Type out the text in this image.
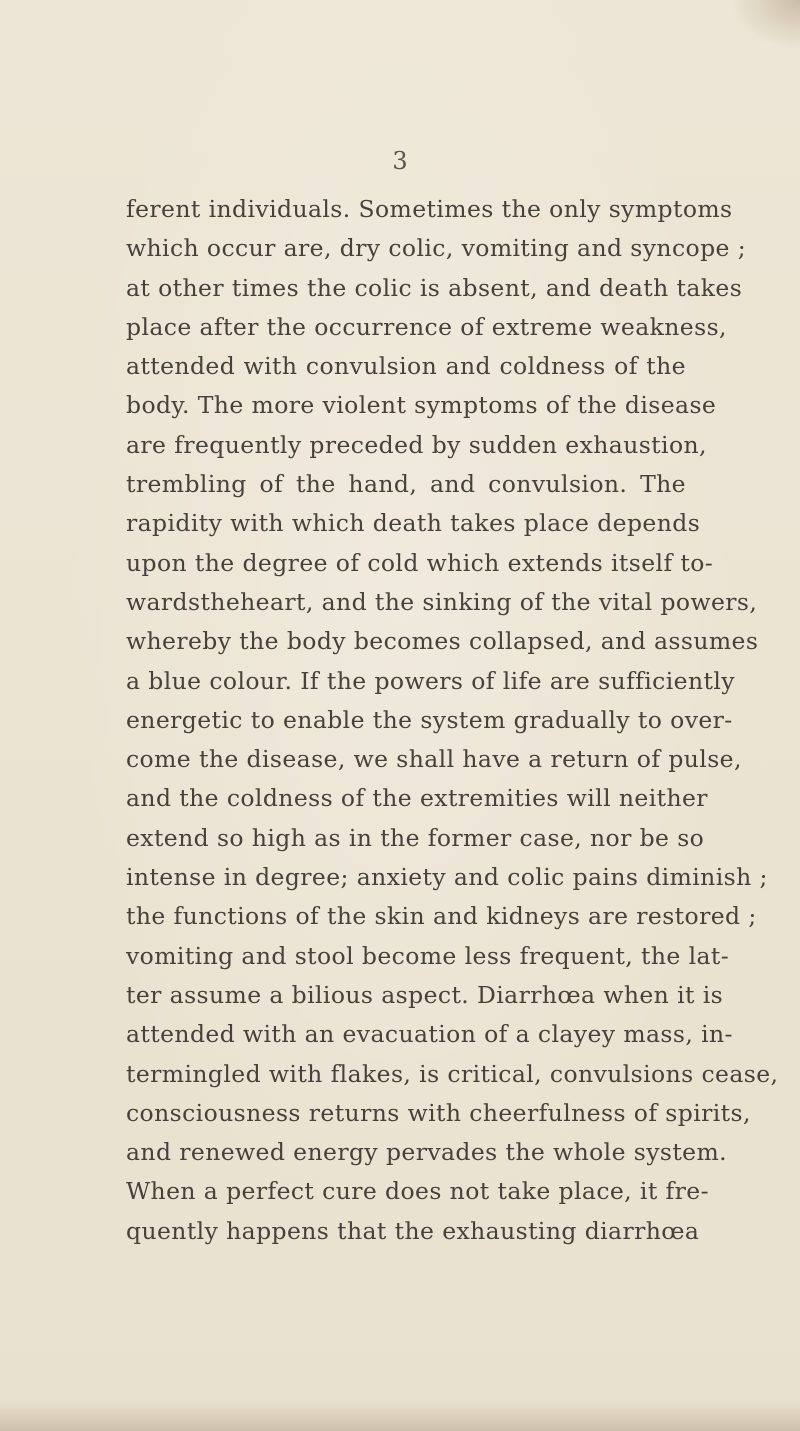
3
ferent individuals. Sometimes the only symptoms
which occur are, dry colic, vomiting and syncope ;
at other times the colic is absent, and death takes
place after the occurrence of extreme weakness,
attended with convulsion and coldness of the
body. The more violent symptoms of the disease
are frequently preceded by sudden exhaustion,
trembling of the hand, and convulsion. The
rapidity with which death takes place depends
upon the degree of cold which extends itself to-
wardstheheart, and the sinking of the vital powers,
whereby the body becomes collapsed, and assumes
a blue colour. If the powers of life are sufficiently
energetic to enable the system gradually to over-
come the disease, we shall have a return of pulse,
and the coldness of the extremities will neither
extend so high as in the former case, nor be so
intense in degree; anxiety and colic pains diminish ;
the functions of the skin and kidneys are restored ;
vomiting and stool become less frequent, the lat-
ter assume a bilious aspect. Diarrhœa when it is
attended with an evacuation of a clayey mass, in-
termingled with flakes, is critical, convulsions cease,
consciousness returns with cheerfulness of spirits,
and renewed energy pervades the whole system.
When a perfect cure does not take place, it fre-
quently happens that the exhausting diarrhœa
